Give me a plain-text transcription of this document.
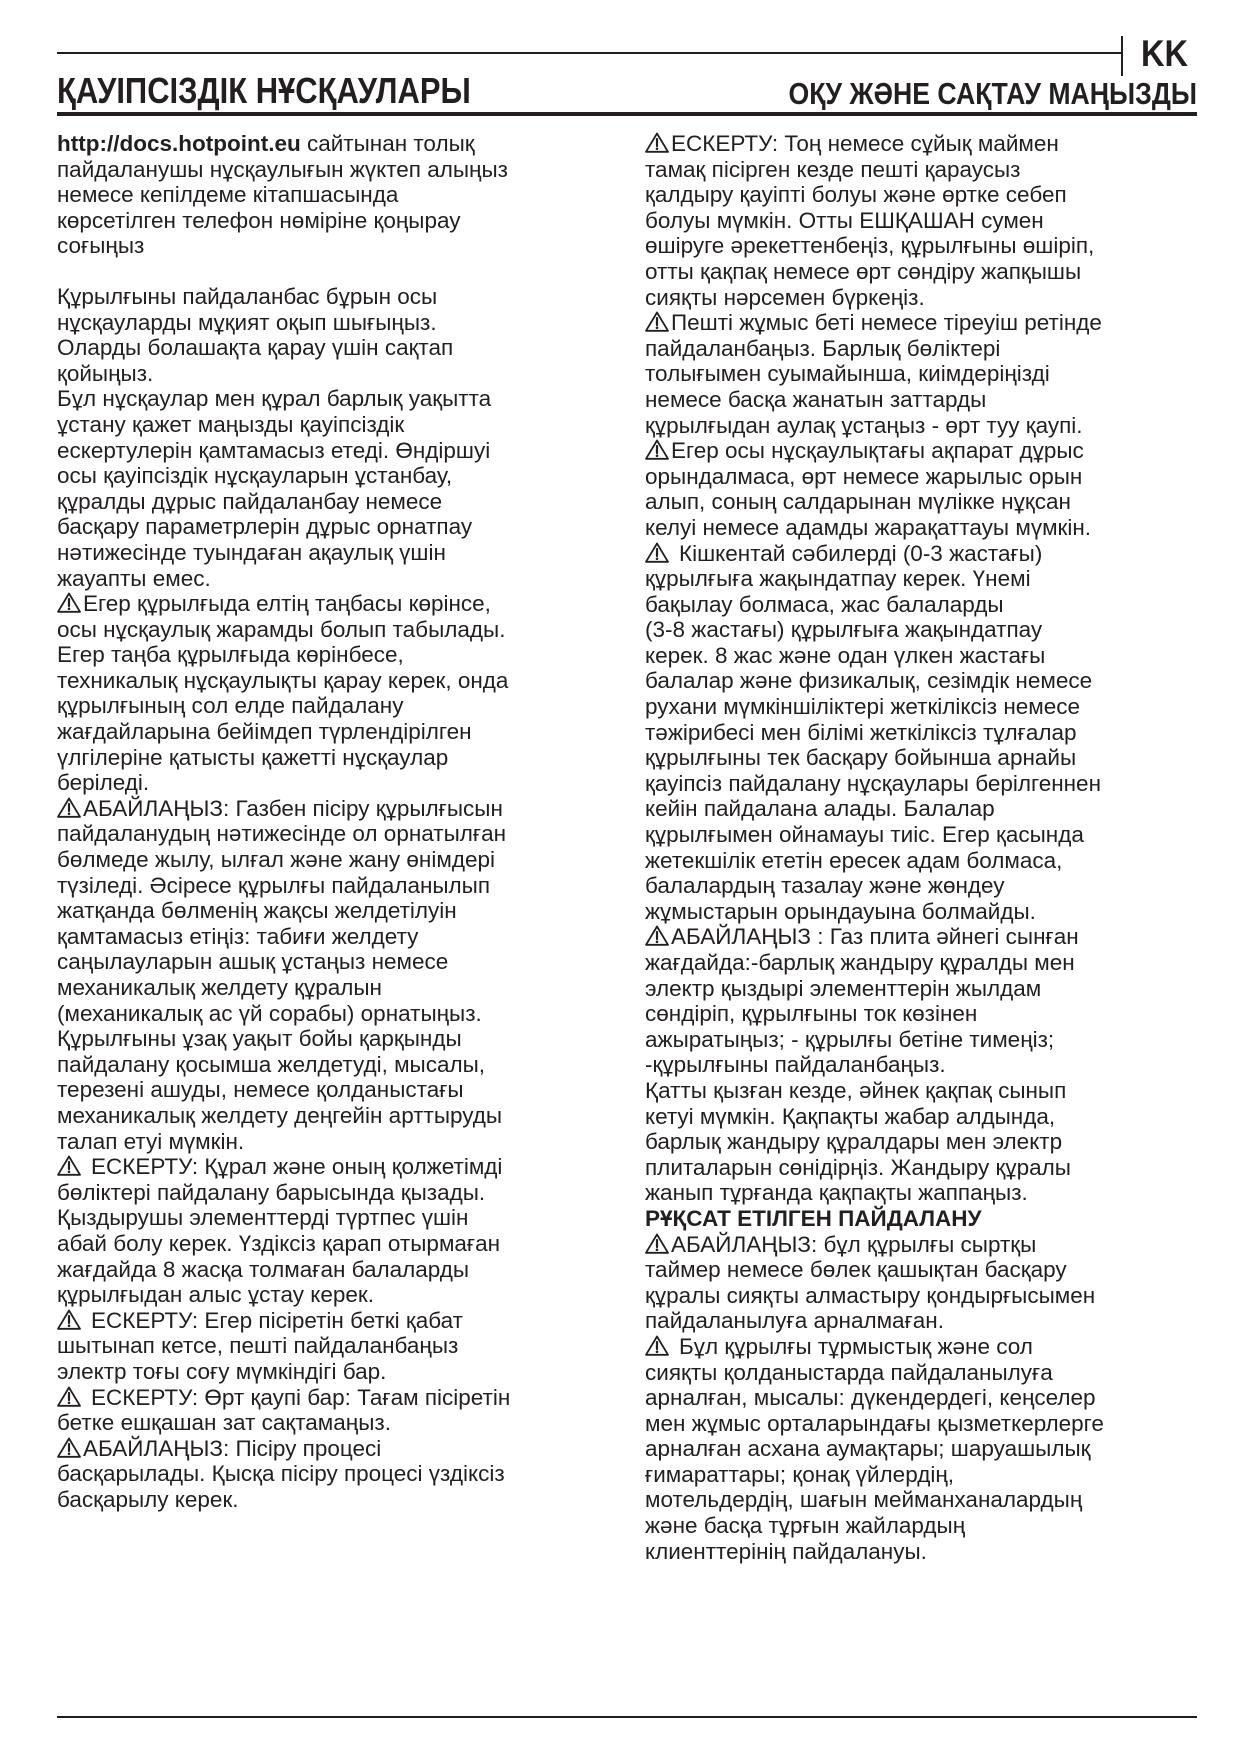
KK
ҚАУІПСІЗДІК НҰСҚАУЛАРЫ	ОҚУ ЖӘНЕ САҚТАУ МАҢЫЗДЫ
http://docs.hotpoint.eu сайтынан толық
пайдаланушы нұсқаулығын жүктеп алыңыз
немесе кепілдеме кітапшасында
көрсетілген телефон нөміріне қоңырау
соғыңыз
Құрылғыны пайдаланбас бұрын осы
нұсқауларды мұқият оқып шығыңыз.
Оларды болашақта қарау үшін сақтап
қойыңыз.
Бұл нұсқаулар мен құрал барлық уақытта
ұстану қажет маңызды қауіпсіздік
ескертулерін қамтамасыз етеді. Өндіршуі
осы қауіпсіздік нұсқауларын ұстанбау,
құралды дұрыс пайдаланбау немесе
басқару параметрлерін дұрыс орнатпау
нәтижесінде туындаған ақаулық үшін
жауапты емес.
Егер құрылғыда елтің таңбасы көрінсе,
осы нұсқаулық жарамды болып табылады.
Егер таңба құрылғыда көрінбесе,
техникалық нұсқаулықты қарау керек, онда
құрылғының сол елде пайдалану
жағдайларына бейімдеп түрлендірілген
үлгілеріне қатысты қажетті нұсқаулар
беріледі.
АБАЙЛАҢЫЗ: Газбен пісіру құрылғысын
пайдаланудың нәтижесінде ол орнатылған
бөлмеде жылу, ылғал және жану өнімдері
түзіледі. Әсіресе құрылғы пайдаланылып
жатқанда бөлменің жақсы желдетілуін
қамтамасыз етіңіз: табиғи желдету
саңылауларын ашық ұстаңыз немесе
механикалық желдету құралын
(механикалық ас үй сорабы) орнатыңыз.
Құрылғыны ұзақ уақыт бойы қарқынды
пайдалану қосымша желдетуді, мысалы,
терезені ашуды, немесе қолданыстағы
механикалық желдету деңгейін арттыруды
талап етуі мүмкін.
ЕСКЕРТУ: Құрал және оның қолжетімді
бөліктері пайдалану барысында қызады.
Қыздырушы элементтерді түртпес үшін
абай болу керек. Үздіксіз қарап отырмаған
жағдайда 8 жасқа толмаған балаларды
құрылғыдан алыс ұстау керек.
ЕСКЕРТУ: Егер пісіретін беткі қабат
шытынап кетсе, пешті пайдаланбаңыз
электр тоғы соғу мүмкіндігі бар.
ЕСКЕРТУ: Өрт қаупі бар: Тағам пісіретін
бетке ешқашан зат сақтамаңыз.
АБАЙЛАҢЫЗ: Пісіру процесі
басқарылады. Қысқа пісіру процесі үздіксіз
басқарылу керек.
ЕСКЕРТУ: Тоң немесе сұйық маймен
тамақ пісірген кезде пешті қараусыз
қалдыру қауіпті болуы және өртке себеп
болуы мүмкін. Отты ЕШҚАШАН сумен
өшіруге әрекеттенбеңіз, құрылғыны өшіріп,
отты қақпақ немесе өрт сөндіру жапқышы
сияқты нәрсемен бүркеңіз.
Пешті жұмыс беті немесе тіреуіш ретінде
пайдаланбаңыз. Барлық бөліктері
толығымен суымайынша, киімдеріңізді
немесе басқа жанатын заттарды
құрылғыдан аулақ ұстаңыз - өрт туу қаупі.
Егер осы нұсқаулықтағы ақпарат дұрыс
орындалмаса, өрт немесе жарылыс орын
алып, соның салдарынан мүлікке нұқсан
келуі немесе адамды жарақаттауы мүмкін.
Кішкентай сәбилерді (0-3 жастағы)
құрылғыға жақындатпау керек. Үнемі
бақылау болмаса, жас балаларды
(3-8 жастағы) құрылғыға жақындатпау
керек. 8 жас және одан үлкен жастағы
балалар және физикалық, сезімдік немесе
рухани мүмкіншіліктері жеткіліксіз немесе
тәжірибесі мен білімі жеткіліксіз тұлғалар
құрылғыны тек басқару бойынша арнайы
қауіпсіз пайдалану нұсқаулары берілгеннен
кейін пайдалана алады. Балалар
құрылғымен ойнамауы тиіс. Егер қасында
жетекшілік ететін ересек адам болмаса,
балалардың тазалау және жөндеу
жұмыстарын орындауына болмайды.
АБАЙЛАҢЫЗ : Газ плита әйнегі сынған
жағдайда:-барлық жандыру құралды мен
электр қыздырі элементтерін жылдам
сөндіріп, құрылғыны ток көзінен
ажыратыңыз; - құрылғы бетіне тимеңіз;
-құрылғыны пайдаланбаңыз.
Қатты қызған кезде, әйнек қақпақ сынып
кетуі мүмкін. Қақпақты жабар алдында,
барлық жандыру құралдары мен электр
плиталарын сөнідірңіз. Жандыру құралы
жанып тұрғанда қақпақты жаппаңыз.
РҰҚСАТ ЕТІЛГЕН ПАЙДАЛАНУ
АБАЙЛАҢЫЗ: бұл құрылғы сыртқы
таймер немесе бөлек қашықтан басқару
құралы сияқты алмастыру қондырғысымен
пайдаланылуға арналмаған.
Бұл құрылғы тұрмыстық және сол
сияқты қолданыстарда пайдаланылуға
арналған, мысалы: дүкендердегі, кеңселер
мен жұмыс орталарындағы қызметкерлерге
арналған асхана аумақтары; шаруашылық
ғимараттары; қонақ үйлердің,
мотельдердің, шағын мейманханалардың
және басқа тұрғын жайлардың
клиенттерінің пайдалануы.
